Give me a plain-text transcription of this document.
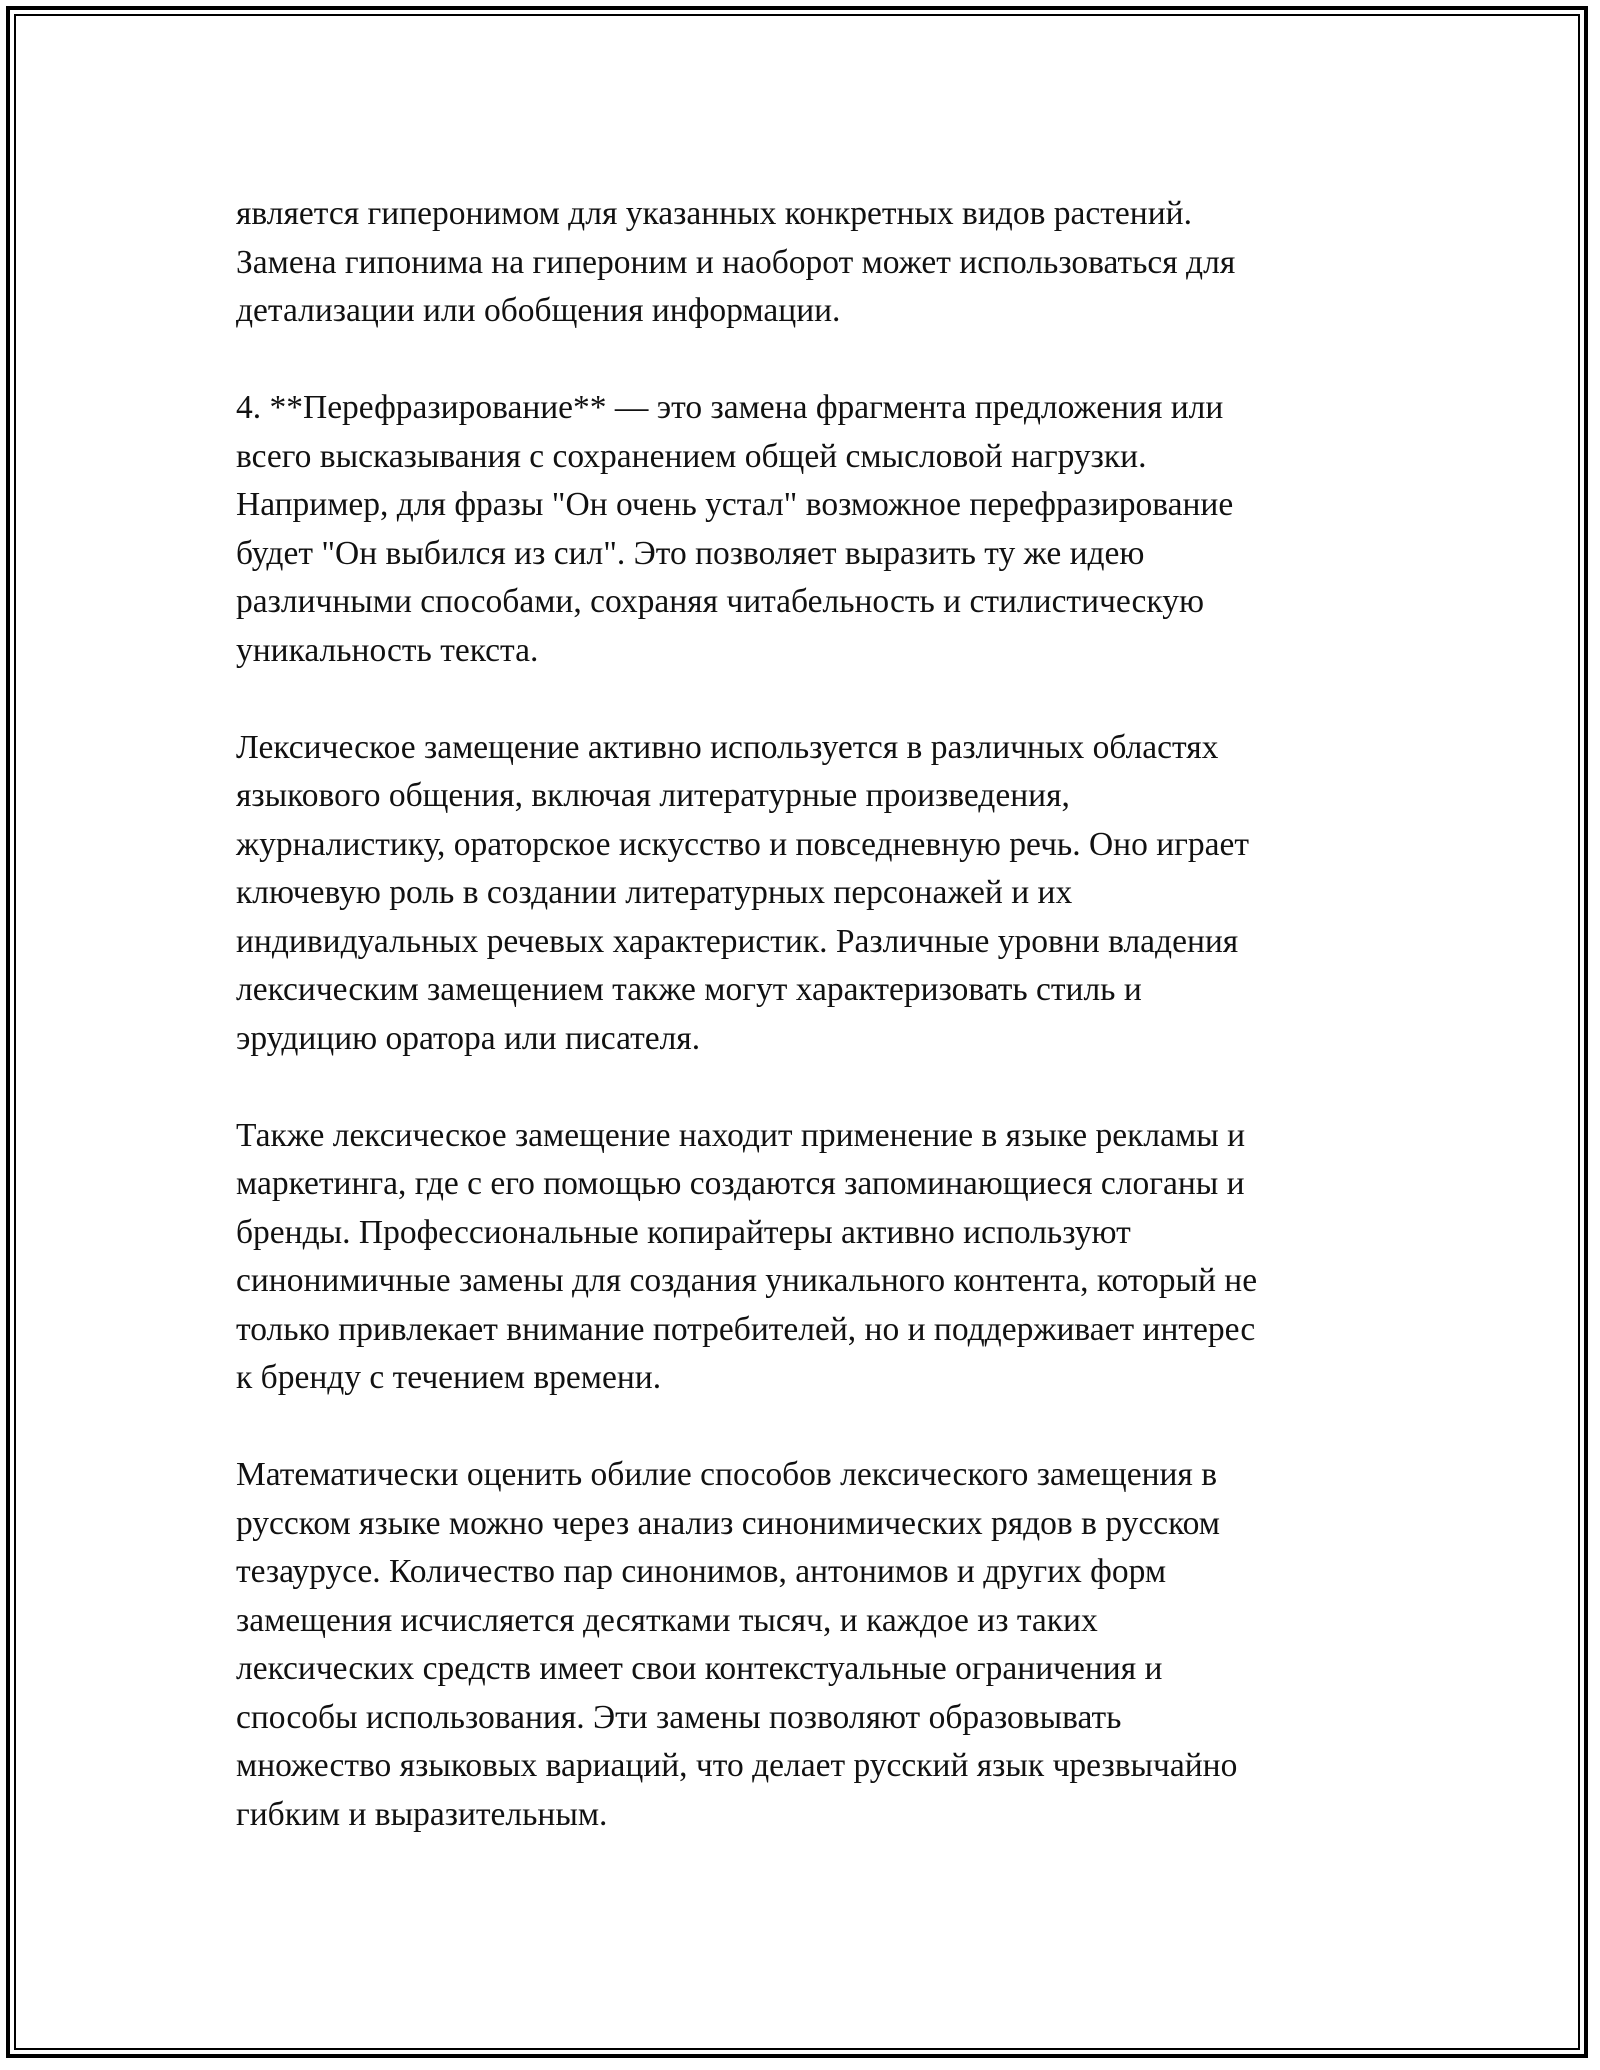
является гиперонимом для указанных конкретных видов растений.
Замена гипонима на гипероним и наоборот может использоваться для
детализации или обобщения информации.

4. **Перефразирование** — это замена фрагмента предложения или
всего высказывания с сохранением общей смысловой нагрузки.
Например, для фразы "Он очень устал" возможное перефразирование
будет "Он выбился из сил". Это позволяет выразить ту же идею
различными способами, сохраняя читабельность и стилистическую
уникальность текста.

Лексическое замещение активно используется в различных областях
языкового общения, включая литературные произведения,
журналистику, ораторское искусство и повседневную речь. Оно играет
ключевую роль в создании литературных персонажей и их
индивидуальных речевых характеристик. Различные уровни владения
лексическим замещением также могут характеризовать стиль и
эрудицию оратора или писателя.

Также лексическое замещение находит применение в языке рекламы и
маркетинга, где с его помощью создаются запоминающиеся слоганы и
бренды. Профессиональные копирайтеры активно используют
синонимичные замены для создания уникального контента, который не
только привлекает внимание потребителей, но и поддерживает интерес
к бренду с течением времени.

Математически оценить обилие способов лексического замещения в
русском языке можно через анализ синонимических рядов в русском
тезаурусе. Количество пар синонимов, антонимов и других форм
замещения исчисляется десятками тысяч, и каждое из таких
лексических средств имеет свои контекстуальные ограничения и
способы использования. Эти замены позволяют образовывать
множество языковых вариаций, что делает русский язык чрезвычайно
гибким и выразительным.
